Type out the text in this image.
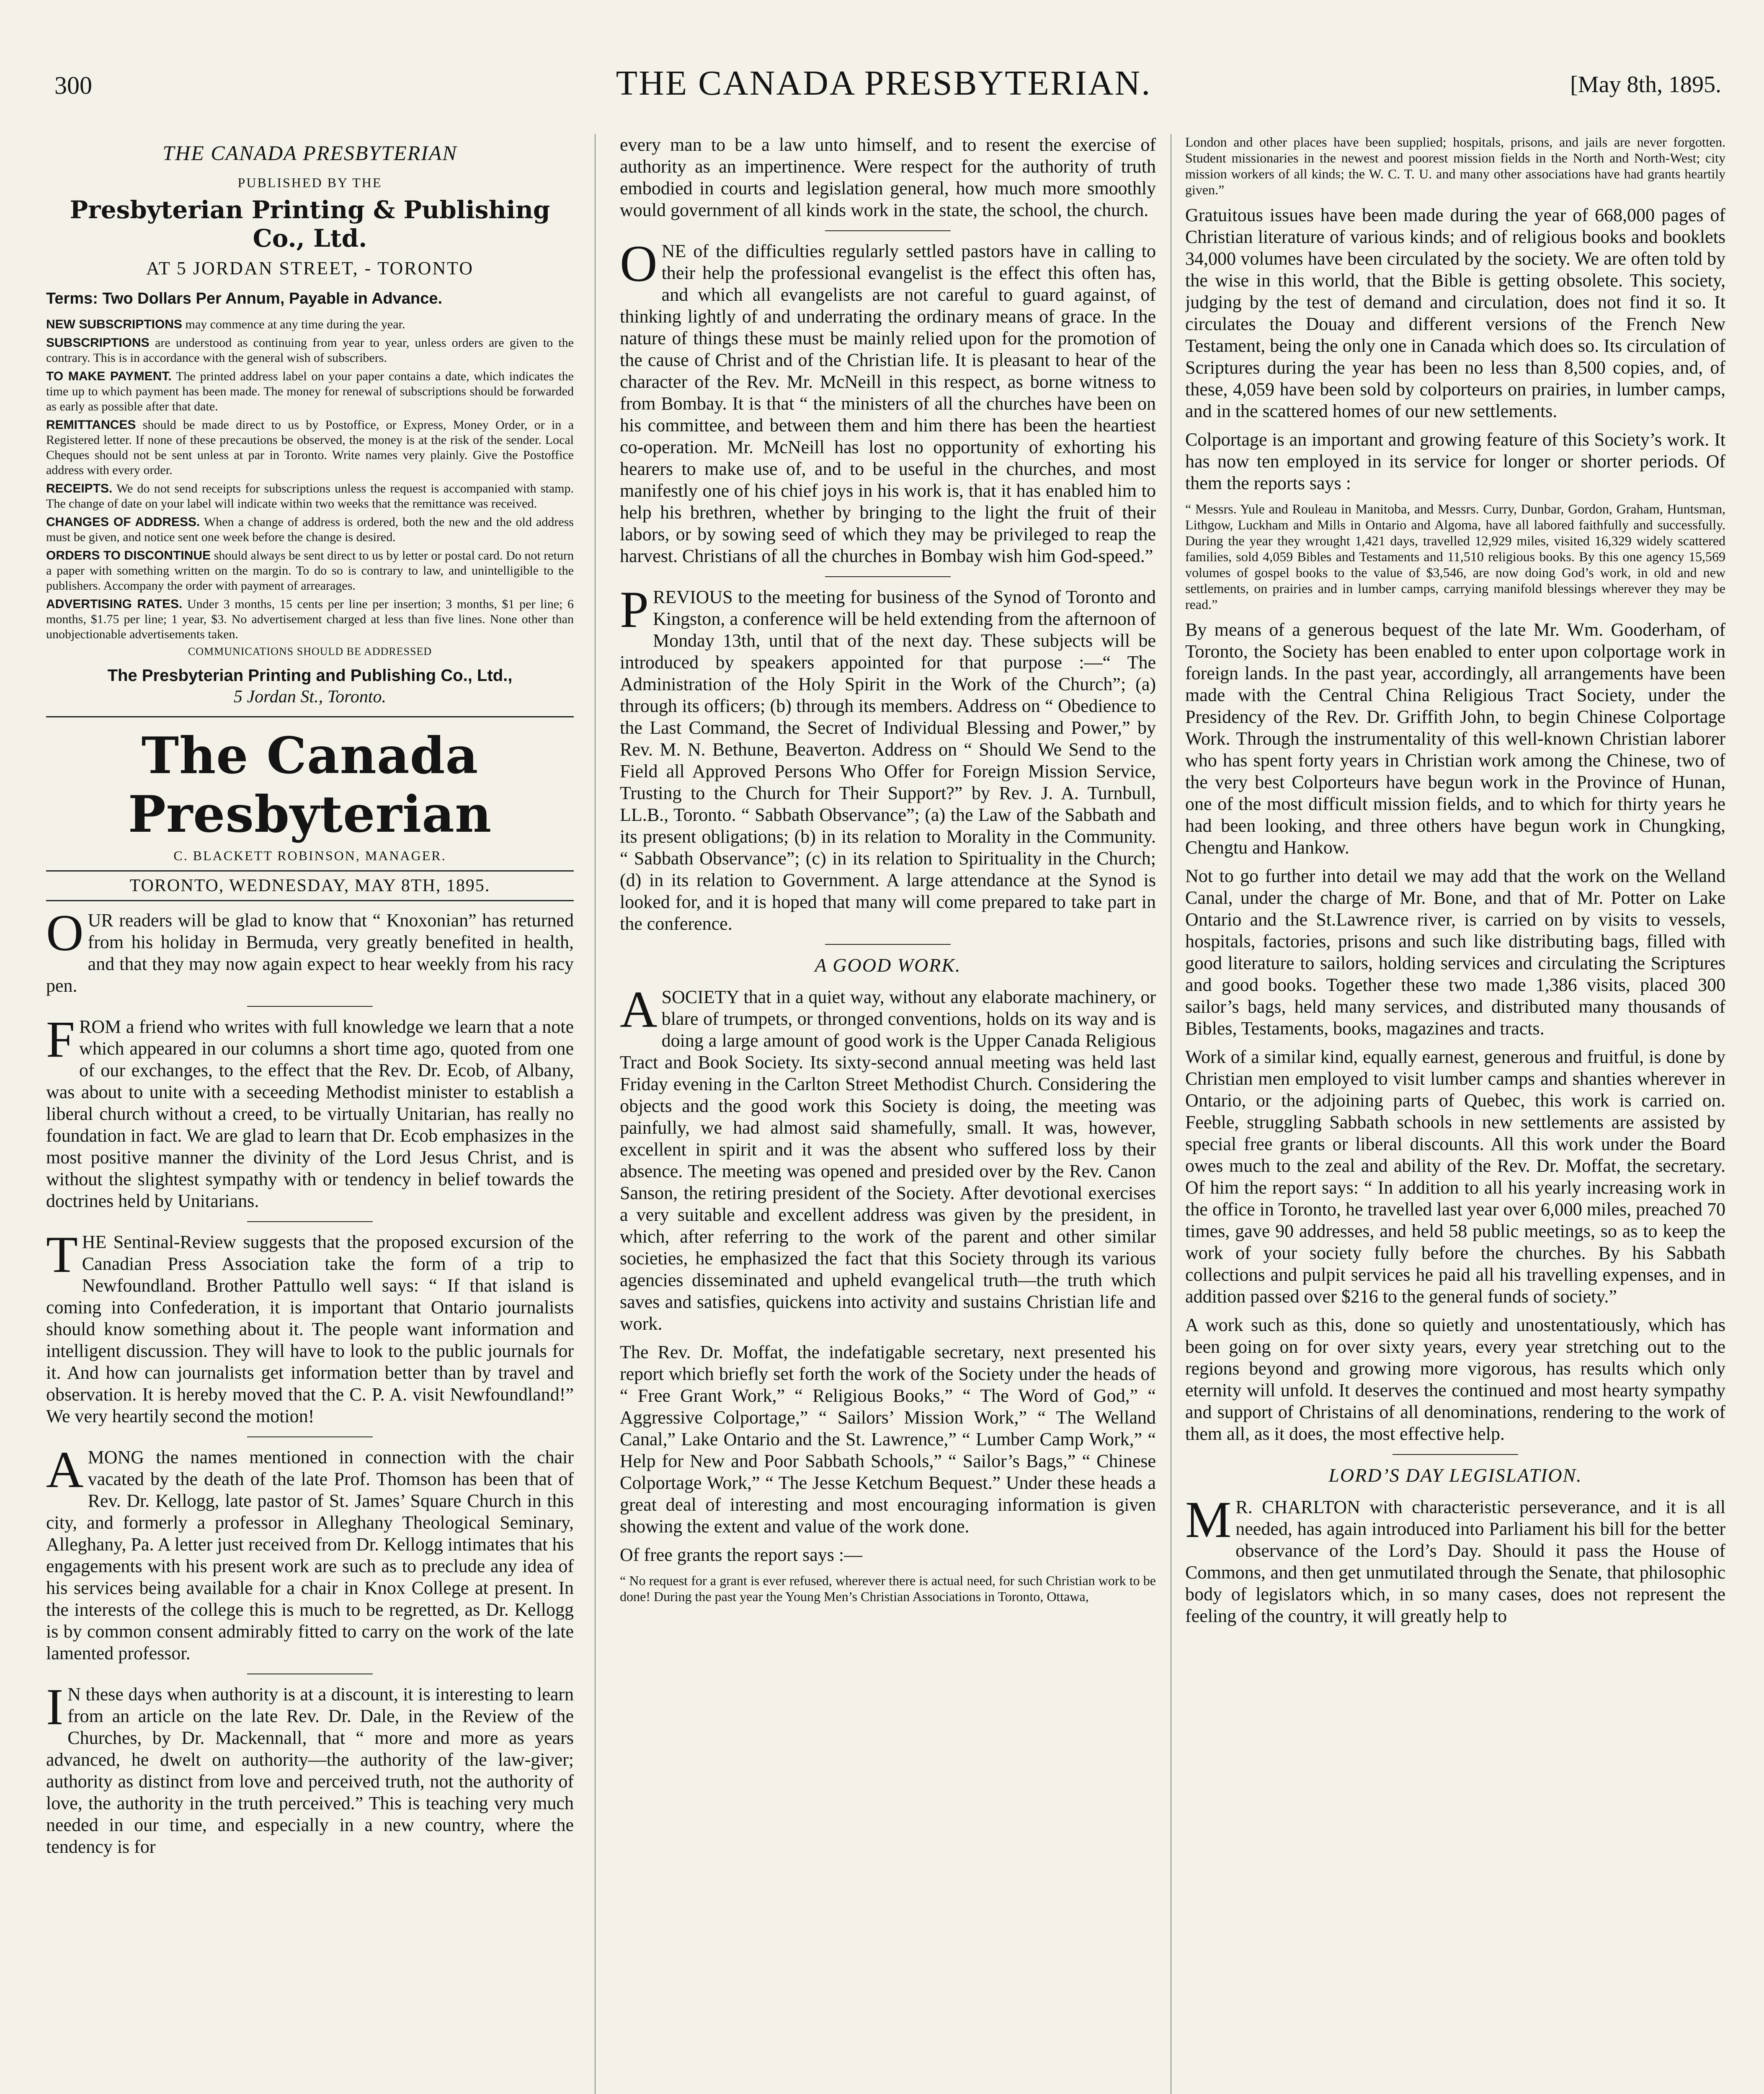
300	THE CANADA PRESBYTERIAN.	[May 8th, 1895.
THE CANADA PRESBYTERIAN
PUBLISHED BY THE
Presbyterian Printing & Publishing Co., Ltd.
AT 5 JORDAN STREET, - TORONTO
Terms: Two Dollars Per Annum, Payable in Advance.

NEW SUBSCRIPTIONS may commence at any time during the year.

SUBSCRIPTIONS are understood as continuing from year to year, unless orders are given to the contrary. This is in accordance with the general wish of subscribers.

TO MAKE PAYMENT. The printed address label on your paper contains a date, which indicates the time up to which payment has been made. The money for renewal of subscriptions should be forwarded as early as possible after that date.

REMITTANCES should be made direct to us by Postoffice, or Express, Money Order, or in a Registered letter. If none of these precautions be observed, the money is at the risk of the sender. Local Cheques should not be sent unless at par in Toronto. Write names very plainly. Give the Postoffice address with every order.

RECEIPTS. We do not send receipts for subscriptions unless the request is accompanied with stamp. The change of date on your label will indicate within two weeks that the remittance was received.

CHANGES OF ADDRESS. When a change of address is ordered, both the new and the old address must be given, and notice sent one week before the change is desired.

ORDERS TO DISCONTINUE should always be sent direct to us by letter or postal card. Do not return a paper with something written on the margin. To do so is contrary to law, and unintelligible to the publishers. Accompany the order with payment of arrearages.

ADVERTISING RATES. Under 3 months, 15 cents per line per insertion; 3 months, $1 per line; 6 months, $1.75 per line; 1 year, $3. No advertisement charged at less than five lines. None other than unobjectionable advertisements taken.

COMMUNICATIONS SHOULD BE ADDRESSED
The Presbyterian Printing and Publishing Co., Ltd.,
5 Jordan St., Toronto.
The Canada Presbyterian
C. BLACKETT ROBINSON, MANAGER.
TORONTO, WEDNESDAY, MAY 8TH, 1895.

OUR readers will be glad to know that “ Knoxonian” has returned from his holiday in Bermuda, very greatly benefited in health, and that they may now again expect to hear weekly from his racy pen.

FROM a friend who writes with full knowledge we learn that a note which appeared in our columns a short time ago, quoted from one of our exchanges, to the effect that the Rev. Dr. Ecob, of Albany, was about to unite with a seceeding Methodist minister to establish a liberal church without a creed, to be virtually Unitarian, has really no foundation in fact. We are glad to learn that Dr. Ecob emphasizes in the most positive manner the divinity of the Lord Jesus Christ, and is without the slightest sympathy with or tendency in belief towards the doctrines held by Unitarians.

THE Sentinal-Review suggests that the proposed excursion of the Canadian Press Association take the form of a trip to Newfoundland. Brother Pattullo well says: “ If that island is coming into Confederation, it is important that Ontario journalists should know something about it. The people want information and intelligent discussion. They will have to look to the public journals for it. And how can journalists get information better than by travel and observation. It is hereby moved that the C. P. A. visit Newfoundland!” We very heartily second the motion!

AMONG the names mentioned in connection with the chair vacated by the death of the late Prof. Thomson has been that of Rev. Dr. Kellogg, late pastor of St. James’ Square Church in this city, and formerly a professor in Alleghany Theological Seminary, Alleghany, Pa. A letter just received from Dr. Kellogg intimates that his engagements with his present work are such as to preclude any idea of his services being available for a chair in Knox College at present. In the interests of the college this is much to be regretted, as Dr. Kellogg is by common consent admirably fitted to carry on the work of the late lamented professor.

I N these days when authority is at a discount, it is interesting to learn from an article on the late Rev. Dr. Dale, in the Review of the Churches, by Dr. Mackennall, that “ more and more as years advanced, he dwelt on authority—the authority of the law-giver; authority as distinct from love and perceived truth, not the authority of love, the authority in the truth perceived.” This is teaching very much needed in our time, and especially in a new country, where the tendency is for

every man to be a law unto himself, and to resent the exercise of authority as an impertinence. Were respect for the authority of truth embodied in courts and legislation general, how much more smoothly would government of all kinds work in the state, the school, the church.

ONE of the difficulties regularly settled pastors have in calling to their help the professional evangelist is the effect this often has, and which all evangelists are not careful to guard against, of thinking lightly of and underrating the ordinary means of grace. In the nature of things these must be mainly relied upon for the promotion of the cause of Christ and of the Christian life. It is pleasant to hear of the character of the Rev. Mr. McNeill in this respect, as borne witness to from Bombay. It is that “ the ministers of all the churches have been on his committee, and between them and him there has been the heartiest co-operation. Mr. McNeill has lost no opportunity of exhorting his hearers to make use of, and to be useful in the churches, and most manifestly one of his chief joys in his work is, that it has enabled him to help his brethren, whether by bringing to the light the fruit of their labors, or by sowing seed of which they may be privileged to reap the harvest. Christians of all the churches in Bombay wish him God-speed.”

PREVIOUS to the meeting for business of the Synod of Toronto and Kingston, a conference will be held extending from the afternoon of Monday 13th, until that of the next day. These subjects will be introduced by speakers appointed for that purpose :—“ The Administration of the Holy Spirit in the Work of the Church”; (a) through its officers; (b) through its members. Address on “ Obedience to the Last Command, the Secret of Individual Blessing and Power,” by Rev. M. N. Bethune, Beaverton. Address on “ Should We Send to the Field all Approved Persons Who Offer for Foreign Mission Service, Trusting to the Church for Their Support?” by Rev. J. A. Turnbull, LL.B., Toronto. “ Sabbath Observance”; (a) the Law of the Sabbath and its present obligations; (b) in its relation to Morality in the Community. “ Sabbath Observance”; (c) in its relation to Spirituality in the Church; (d) in its relation to Government. A large attendance at the Synod is looked for, and it is hoped that many will come prepared to take part in the conference.

A GOOD WORK.

ASOCIETY that in a quiet way, without any elaborate machinery, or blare of trumpets, or thronged conventions, holds on its way and is doing a large amount of good work is the Upper Canada Religious Tract and Book Society. Its sixty-second annual meeting was held last Friday evening in the Carlton Street Methodist Church. Considering the objects and the good work this Society is doing, the meeting was painfully, we had almost said shamefully, small. It was, however, excellent in spirit and it was the absent who suffered loss by their absence. The meeting was opened and presided over by the Rev. Canon Sanson, the retiring president of the Society. After devotional exercises a very suitable and excellent address was given by the president, in which, after referring to the work of the parent and other similar societies, he emphasized the fact that this Society through its various agencies disseminated and upheld evangelical truth—the truth which saves and satisfies, quickens into activity and sustains Christian life and work.

The Rev. Dr. Moffat, the indefatigable secretary, next presented his report which briefly set forth the work of the Society under the heads of “ Free Grant Work,” “ Religious Books,” “ The Word of God,” “ Aggressive Colportage,” “ Sailors’ Mission Work,” “ The Welland Canal,” Lake Ontario and the St. Lawrence,” “ Lumber Camp Work,” “ Help for New and Poor Sabbath Schools,” “ Sailor’s Bags,” “ Chinese Colportage Work,” “ The Jesse Ketchum Bequest.” Under these heads a great deal of interesting and most encouraging information is given showing the extent and value of the work done.

Of free grants the report says :—

“ No request for a grant is ever refused, wherever there is actual need, for such Christian work to be done! During the past year the Young Men’s Christian Associations in Toronto, Ottawa,

London and other places have been supplied; hospitals, prisons, and jails are never forgotten. Student missionaries in the newest and poorest mission fields in the North and North-West; city mission workers of all kinds; the W. C. T. U. and many other associations have had grants heartily given.”

Gratuitous issues have been made during the year of 668,000 pages of Christian literature of various kinds; and of religious books and booklets 34,000 volumes have been circulated by the society. We are often told by the wise in this world, that the Bible is getting obsolete. This society, judging by the test of demand and circulation, does not find it so. It circulates the Douay and different versions of the French New Testament, being the only one in Canada which does so. Its circulation of Scriptures during the year has been no less than 8,500 copies, and, of these, 4,059 have been sold by colporteurs on prairies, in lumber camps, and in the scattered homes of our new settlements.

Colportage is an important and growing feature of this Society’s work. It has now ten employed in its service for longer or shorter periods. Of them the reports says :

“ Messrs. Yule and Rouleau in Manitoba, and Messrs. Curry, Dunbar, Gordon, Graham, Huntsman, Lithgow, Luckham and Mills in Ontario and Algoma, have all labored faithfully and successfully. During the year they wrought 1,421 days, travelled 12,929 miles, visited 16,329 widely scattered families, sold 4,059 Bibles and Testaments and 11,510 religious books. By this one agency 15,569 volumes of gospel books to the value of $3,546, are now doing God’s work, in old and new settlements, on prairies and in lumber camps, carrying manifold blessings wherever they may be read.”

By means of a generous bequest of the late Mr. Wm. Gooderham, of Toronto, the Society has been enabled to enter upon colportage work in foreign lands. In the past year, accordingly, all arrangements have been made with the Central China Religious Tract Society, under the Presidency of the Rev. Dr. Griffith John, to begin Chinese Colportage Work. Through the instrumentality of this well-known Christian laborer who has spent forty years in Christian work among the Chinese, two of the very best Colporteurs have begun work in the Province of Hunan, one of the most difficult mission fields, and to which for thirty years he had been looking, and three others have begun work in Chungking, Chengtu and Hankow.

Not to go further into detail we may add that the work on the Welland Canal, under the charge of Mr. Bone, and that of Mr. Potter on Lake Ontario and the St.Lawrence river, is carried on by visits to vessels, hospitals, factories, prisons and such like distributing bags, filled with good literature to sailors, holding services and circulating the Scriptures and good books. Together these two made 1,386 visits, placed 300 sailor’s bags, held many services, and distributed many thousands of Bibles, Testaments, books, magazines and tracts.

Work of a similar kind, equally earnest, generous and fruitful, is done by Christian men employed to visit lumber camps and shanties wherever in Ontario, or the adjoining parts of Quebec, this work is carried on. Feeble, struggling Sabbath schools in new settlements are assisted by special free grants or liberal discounts. All this work under the Board owes much to the zeal and ability of the Rev. Dr. Moffat, the secretary. Of him the report says: “ In addition to all his yearly increasing work in the office in Toronto, he travelled last year over 6,000 miles, preached 70 times, gave 90 addresses, and held 58 public meetings, so as to keep the work of your society fully before the churches. By his Sabbath collections and pulpit services he paid all his travelling expenses, and in addition passed over $216 to the general funds of society.”

A work such as this, done so quietly and unostentatiously, which has been going on for over sixty years, every year stretching out to the regions beyond and growing more vigorous, has results which only eternity will unfold. It deserves the continued and most hearty sympathy and support of Christains of all denominations, rendering to the work of them all, as it does, the most effective help.

LORD’S DAY LEGISLATION.

M R. CHARLTON with characteristic perseverance, and it is all needed, has again introduced into Parliament his bill for the better observance of the Lord’s Day. Should it pass the House of Commons, and then get unmutilated through the Senate, that philosophic body of legislators which, in so many cases, does not represent the feeling of the country, it will greatly help to
